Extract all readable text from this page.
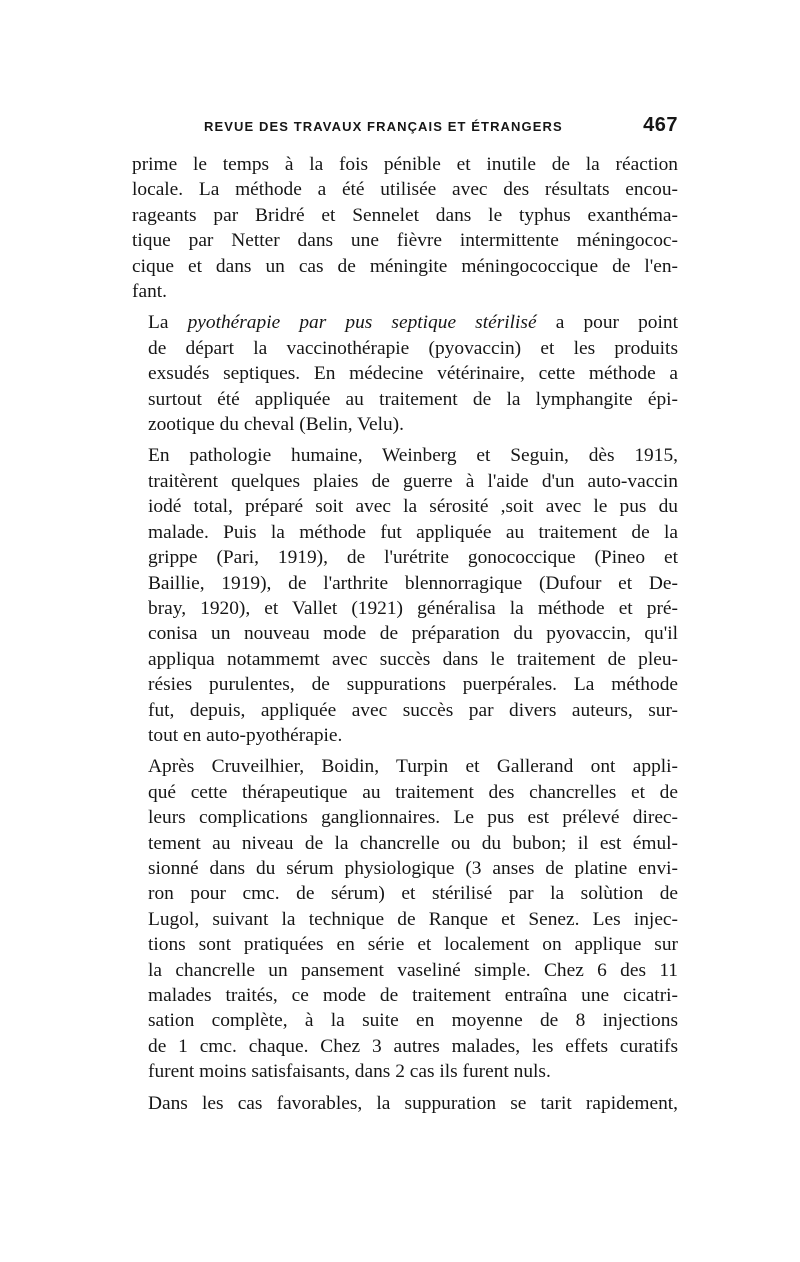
REVUE DES TRAVAUX FRANÇAIS ET ÉTRANGERS	467

prime le temps à la fois pénible et inutile de la réaction
locale. La méthode a été utilisée avec des résultats encou-
rageants par Bridré et Sennelet dans le typhus exanthéma-
tique par Netter dans une fièvre intermittente méningococ-
cique et dans un cas de méningite méningococcique de l'en-
fant.

La pyothérapie par pus septique stérilisé a pour point
de départ la vaccinothérapie (pyovaccin) et les produits
exsudés septiques. En médecine vétérinaire, cette méthode a
surtout été appliquée au traitement de la lymphangite épi-
zootique du cheval (Belin, Velu).

En pathologie humaine, Weinberg et Seguin, dès 1915,
traitèrent quelques plaies de guerre à l'aide d'un auto-vaccin
iodé total, préparé soit avec la sérosité ,soit avec le pus du
malade. Puis la méthode fut appliquée au traitement de la
grippe (Pari, 1919), de l'urétrite gonococcique (Pineo et
Baillie, 1919), de l'arthrite blennorragique (Dufour et De-
bray, 1920), et Vallet (1921) généralisa la méthode et pré-
conisa un nouveau mode de préparation du pyovaccin, qu'il
appliqua notammemt avec succès dans le traitement de pleu-
résies purulentes, de suppurations puerpérales. La méthode
fut, depuis, appliquée avec succès par divers auteurs, sur-
tout en auto-pyothérapie.

Après Cruveilhier, Boidin, Turpin et Gallerand ont appli-
qué cette thérapeutique au traitement des chancrelles et de
leurs complications ganglionnaires. Le pus est prélevé direc-
tement au niveau de la chancrelle ou du bubon; il est émul-
sionné dans du sérum physiologique (3 anses de platine envi-
ron pour cmc. de sérum) et stérilisé par la solùtion de
Lugol, suivant la technique de Ranque et Senez. Les injec-
tions sont pratiquées en série et localement on applique sur
la chancrelle un pansement vaseliné simple. Chez 6 des 11
malades traités, ce mode de traitement entraîna une cicatri-
sation complète, à la suite en moyenne de 8 injections
de 1 cmc. chaque. Chez 3 autres malades, les effets curatifs
furent moins satisfaisants, dans 2 cas ils furent nuls.

Dans les cas favorables, la suppuration se tarit rapidement,
